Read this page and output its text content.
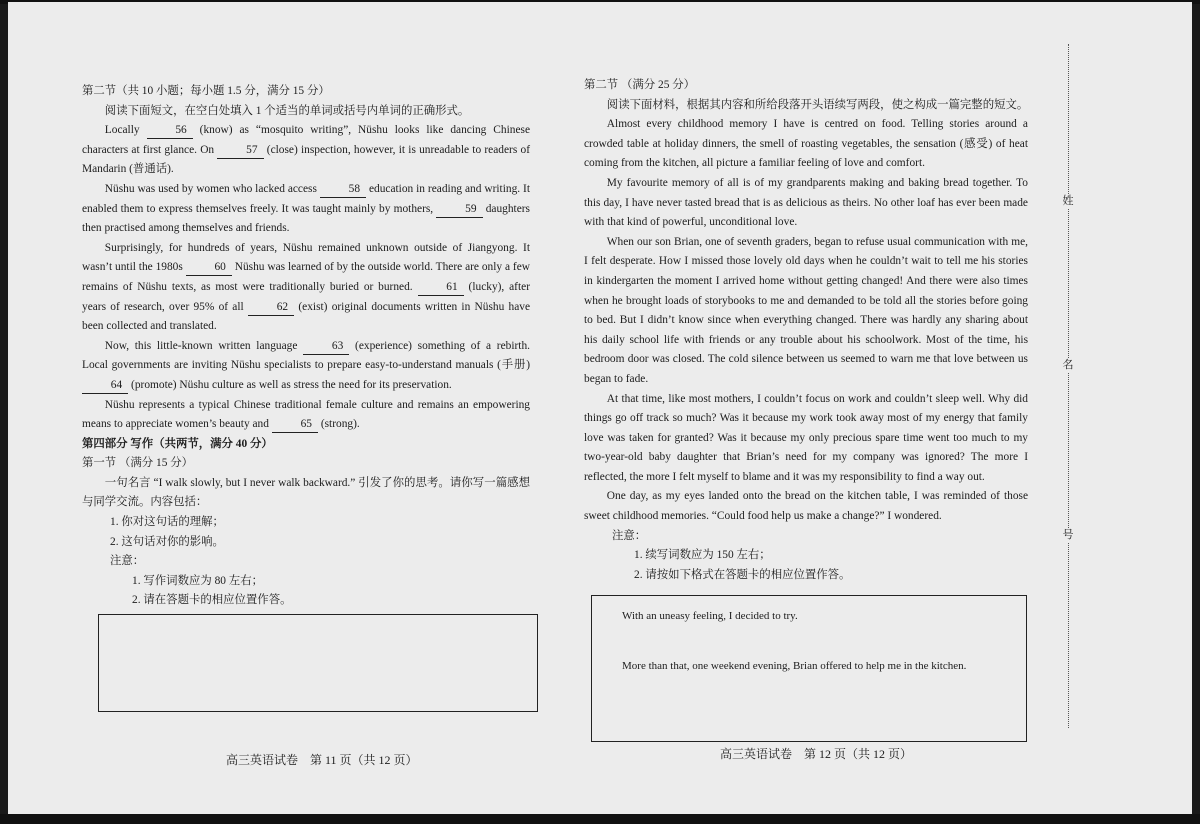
第二节（共 10 小题；每小题 1.5 分，满分 15 分）

阅读下面短文，在空白处填入 1 个适当的单词或括号内单词的正确形式。

Locally	56 (know) as “mosquito writing”, Nüshu looks like dancing Chinese characters at first glance. On	57 (close) inspection, however, it is unreadable to readers of Mandarin (普通话).

Nüshu was used by women who lacked access	58 education in reading and writing. It enabled them to express themselves freely. It was taught mainly by mothers,	59 daughters then practised among themselves and friends.

Surprisingly, for hundreds of years, Nüshu remained unknown outside of Jiangyong. It wasn’t until the 1980s	60 Nüshu was learned of by the outside world. There are only a few remains of Nüshu texts, as most were traditionally buried or burned.	61 (lucky), after years of research, over 95% of all	62 (exist) original documents written in Nüshu have been collected and translated.

Now, this little-known written language	63 (experience) something of a rebirth. Local governments are inviting Nüshu specialists to prepare easy-to-understand manuals (手册) 64 (promote) Nüshu culture as well as stress the need for its preservation.

Nüshu represents a typical Chinese traditional female culture and remains an empowering means to appreciate women’s beauty and	65 (strong).

第四部分 写作（共两节，满分 40 分）

第一节 （满分 15 分）

一句名言 “I walk slowly, but I never walk backward.” 引发了你的思考。请你写一篇感想与同学交流。内容包括：

1. 你对这句话的理解；

2. 这句话对你的影响。

注意：

1. 写作词数应为 80 左右；

2. 请在答题卡的相应位置作答。

高三英语试卷　第 11 页（共 12 页）

第二节 （满分 25 分）

阅读下面材料，根据其内容和所给段落开头语续写两段，使之构成一篇完整的短文。

Almost every childhood memory I have is centred on food. Telling stories around a crowded table at holiday dinners, the smell of roasting vegetables, the sensation (感受) of heat coming from the kitchen, all picture a familiar feeling of love and comfort.

My favourite memory of all is of my grandparents making and baking bread together. To this day, I have never tasted bread that is as delicious as theirs. No other loaf has ever been made with that kind of powerful, unconditional love.

When our son Brian, one of seventh graders, began to refuse usual communication with me, I felt desperate. How I missed those lovely old days when he couldn’t wait to tell me his stories in kindergarten the moment I arrived home without getting changed! And there were also times when he brought loads of storybooks to me and demanded to be told all the stories before going to bed. But I didn’t know since when everything changed. There was hardly any sharing about his daily school life with friends or any trouble about his schoolwork. Most of the time, his bedroom door was closed. The cold silence between us seemed to warn me that love between us began to fade.

At that time, like most mothers, I couldn’t focus on work and couldn’t sleep well. Why did things go off track so much? Was it because my work took away most of my energy that family love was taken for granted? Was it because my only precious spare time went too much to my two-year-old baby daughter that Brian’s need for my company was ignored? The more I reflected, the more I felt myself to blame and it was my responsibility to find a way out.

One day, as my eyes landed onto the bread on the kitchen table, I was reminded of those sweet childhood memories. “Could food help us make a change?” I wondered.

注意：

1. 续写词数应为 150 左右；

2. 请按如下格式在答题卡的相应位置作答。

With an uneasy feeling, I decided to try.
More than that, one weekend evening, Brian offered to help me in the kitchen.
高三英语试卷　第 12 页（共 12 页）
姓
名
号
